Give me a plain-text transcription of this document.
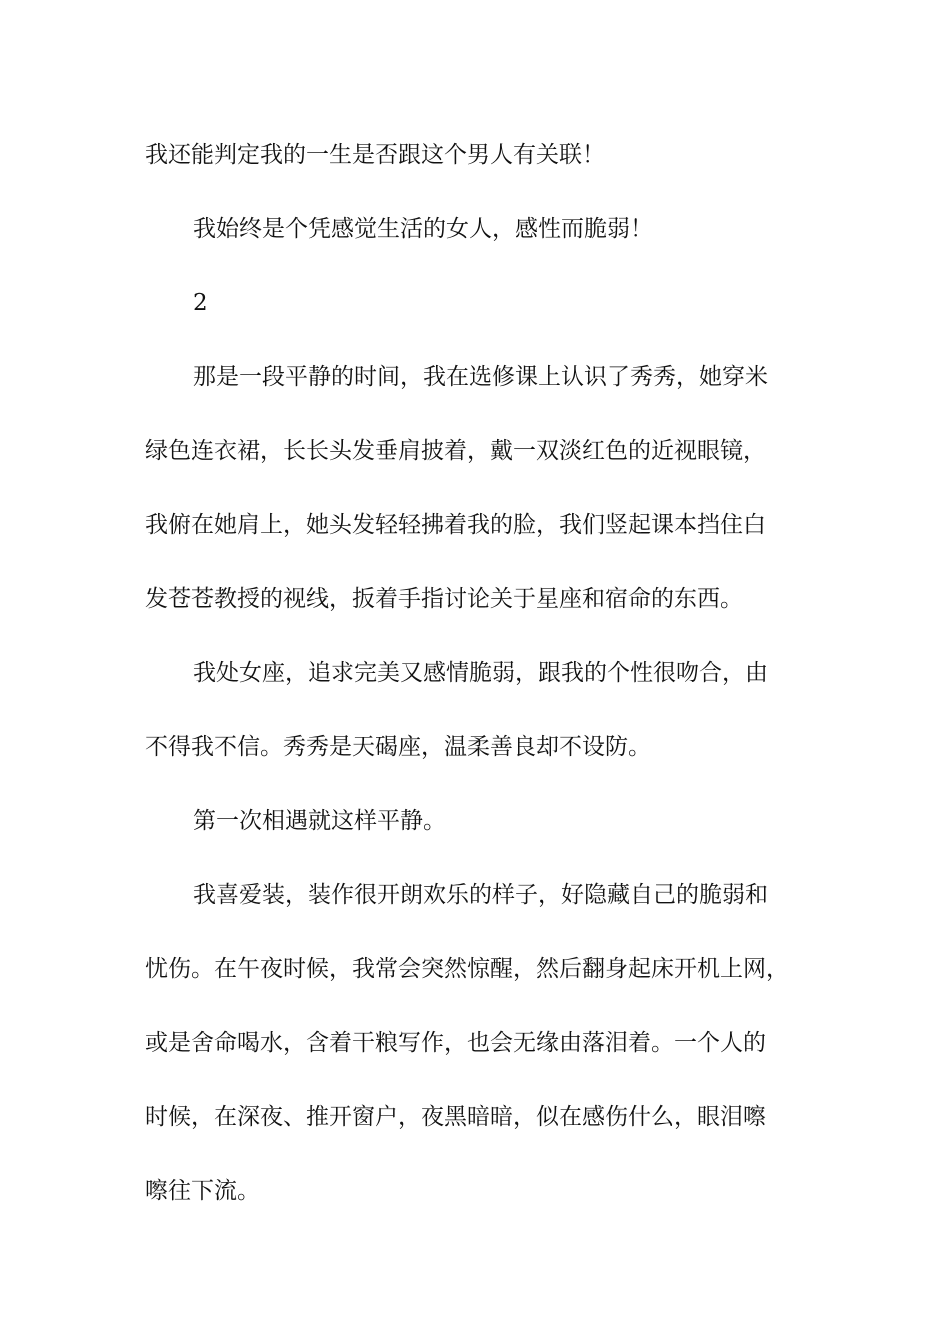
我还能判定我的一生是否跟这个男人有关联！
我始终是个凭感觉生活的女人，感性而脆弱！
2
那是一段平静的时间，我在选修课上认识了秀秀，她穿米
绿色连衣裙，长长头发垂肩披着，戴一双淡红色的近视眼镜，
我俯在她肩上，她头发轻轻拂着我的脸，我们竖起课本挡住白
发苍苍教授的视线，扳着手指讨论关于星座和宿命的东西。
我处女座，追求完美又感情脆弱，跟我的个性很吻合，由
不得我不信。秀秀是天碣座，温柔善良却不设防。
第一次相遇就这样平静。
我喜爱装，装作很开朗欢乐的样子，好隐藏自己的脆弱和
忧伤。在午夜时候，我常会突然惊醒，然后翻身起床开机上网，
或是舍命喝水，含着干粮写作，也会无缘由落泪着。一个人的
时候，在深夜、推开窗户，夜黑暗暗，似在感伤什么，眼泪嚓
嚓往下流。
